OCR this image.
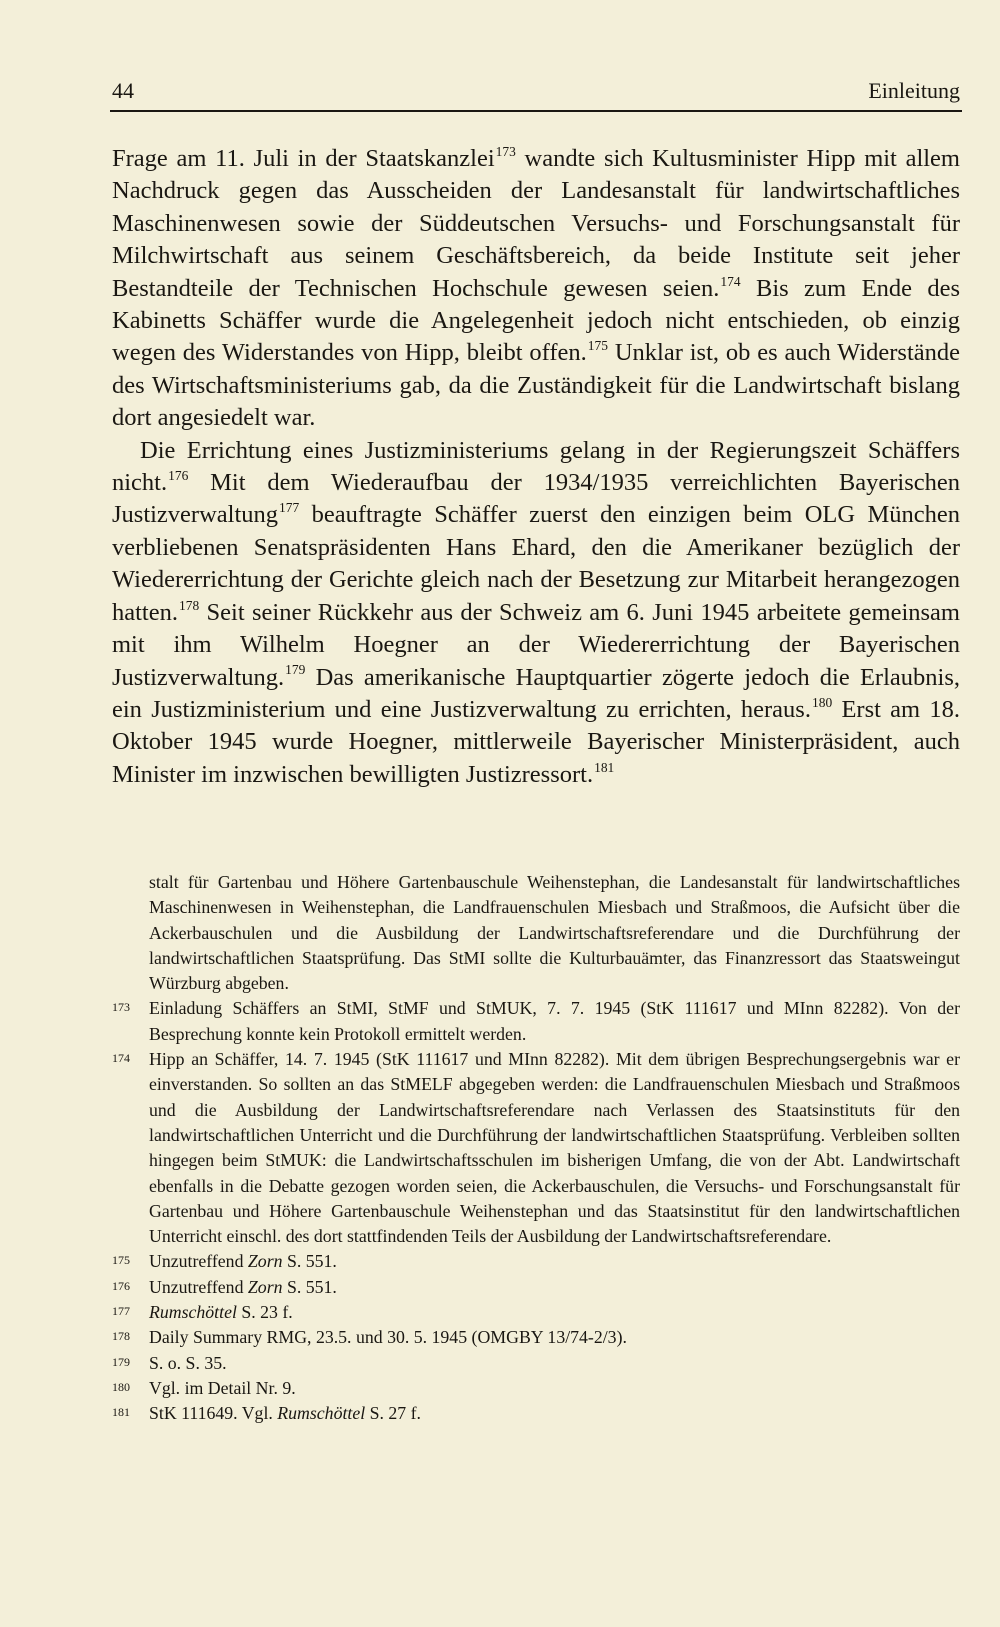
44	Einleitung

Frage am 11. Juli in der Staatskanzlei$^{173}$ wandte sich Kultusminister Hipp mit allem Nachdruck gegen das Ausscheiden der Landesanstalt für landwirtschaftliches Maschinenwesen sowie der Süddeutschen Versuchs- und Forschungsanstalt für Milchwirtschaft aus seinem Geschäftsbereich, da beide Institute seit jeher Bestandteile der Technischen Hochschule gewesen seien.$^{174}$ Bis zum Ende des Kabinetts Schäffer wurde die Angelegenheit jedoch nicht entschieden, ob einzig wegen des Widerstandes von Hipp, bleibt offen.$^{175}$ Unklar ist, ob es auch Widerstände des Wirtschaftsministeriums gab, da die Zuständigkeit für die Landwirtschaft bislang dort angesiedelt war.

Die Errichtung eines Justizministeriums gelang in der Regierungszeit Schäffers nicht.$^{176}$ Mit dem Wiederaufbau der 1934/1935 verreichlichten Bayerischen Justizverwaltung$^{177}$ beauftragte Schäffer zuerst den einzigen beim OLG München verbliebenen Senatspräsidenten Hans Ehard, den die Amerikaner bezüglich der Wiedererrichtung der Gerichte gleich nach der Besetzung zur Mitarbeit herangezogen hatten.$^{178}$ Seit seiner Rückkehr aus der Schweiz am 6. Juni 1945 arbeitete gemeinsam mit ihm Wilhelm Hoegner an der Wiedererrichtung der Bayerischen Justizverwaltung.$^{179}$ Das amerikanische Hauptquartier zögerte jedoch die Erlaubnis, ein Justizministerium und eine Justizverwaltung zu errichten, heraus.$^{180}$ Erst am 18. Oktober 1945 wurde Hoegner, mittlerweile Bayerischer Ministerpräsident, auch Minister im inzwischen bewilligten Justizressort.$^{181}$

stalt für Gartenbau und Höhere Gartenbauschule Weihenstephan, die Landesanstalt für landwirtschaftliches Maschinenwesen in Weihenstephan, die Landfrauenschulen Miesbach und Straßmoos, die Aufsicht über die Ackerbauschulen und die Ausbildung der Landwirtschaftsreferendare und die Durchführung der landwirtschaftlichen Staatsprüfung. Das StMI sollte die Kulturbauämter, das Finanzressort das Staatsweingut Würzburg abgeben.

173	Einladung Schäffers an StMI, StMF und StMUK, 7. 7. 1945 (StK 111617 und MInn 82282). Von der Besprechung konnte kein Protokoll ermittelt werden.
174	Hipp an Schäffer, 14. 7. 1945 (StK 111617 und MInn 82282). Mit dem übrigen Besprechungsergebnis war er einverstanden. So sollten an das StMELF abgegeben werden: die Landfrauenschulen Miesbach und Straßmoos und die Ausbildung der Landwirtschaftsreferendare nach Verlassen des Staatsinstituts für den landwirtschaftlichen Unterricht und die Durchführung der landwirtschaftlichen Staatsprüfung. Verbleiben sollten hingegen beim StMUK: die Landwirtschaftsschulen im bisherigen Umfang, die von der Abt. Landwirtschaft ebenfalls in die Debatte gezogen worden seien, die Ackerbauschulen, die Versuchs- und Forschungsanstalt für Gartenbau und Höhere Gartenbauschule Weihenstephan und das Staatsinstitut für den landwirtschaftlichen Unterricht einschl. des dort stattfindenden Teils der Ausbildung der Landwirtschaftsreferendare.
175	Unzutreffend Zorn S. 551.
176	Unzutreffend Zorn S. 551.
177	Rumschöttel S. 23 f.
178	Daily Summary RMG, 23.5. und 30. 5. 1945 (OMGBY 13/74-2/3).
179	S. o. S. 35.
180	Vgl. im Detail Nr. 9.
181	StK 111649. Vgl. Rumschöttel S. 27 f.
